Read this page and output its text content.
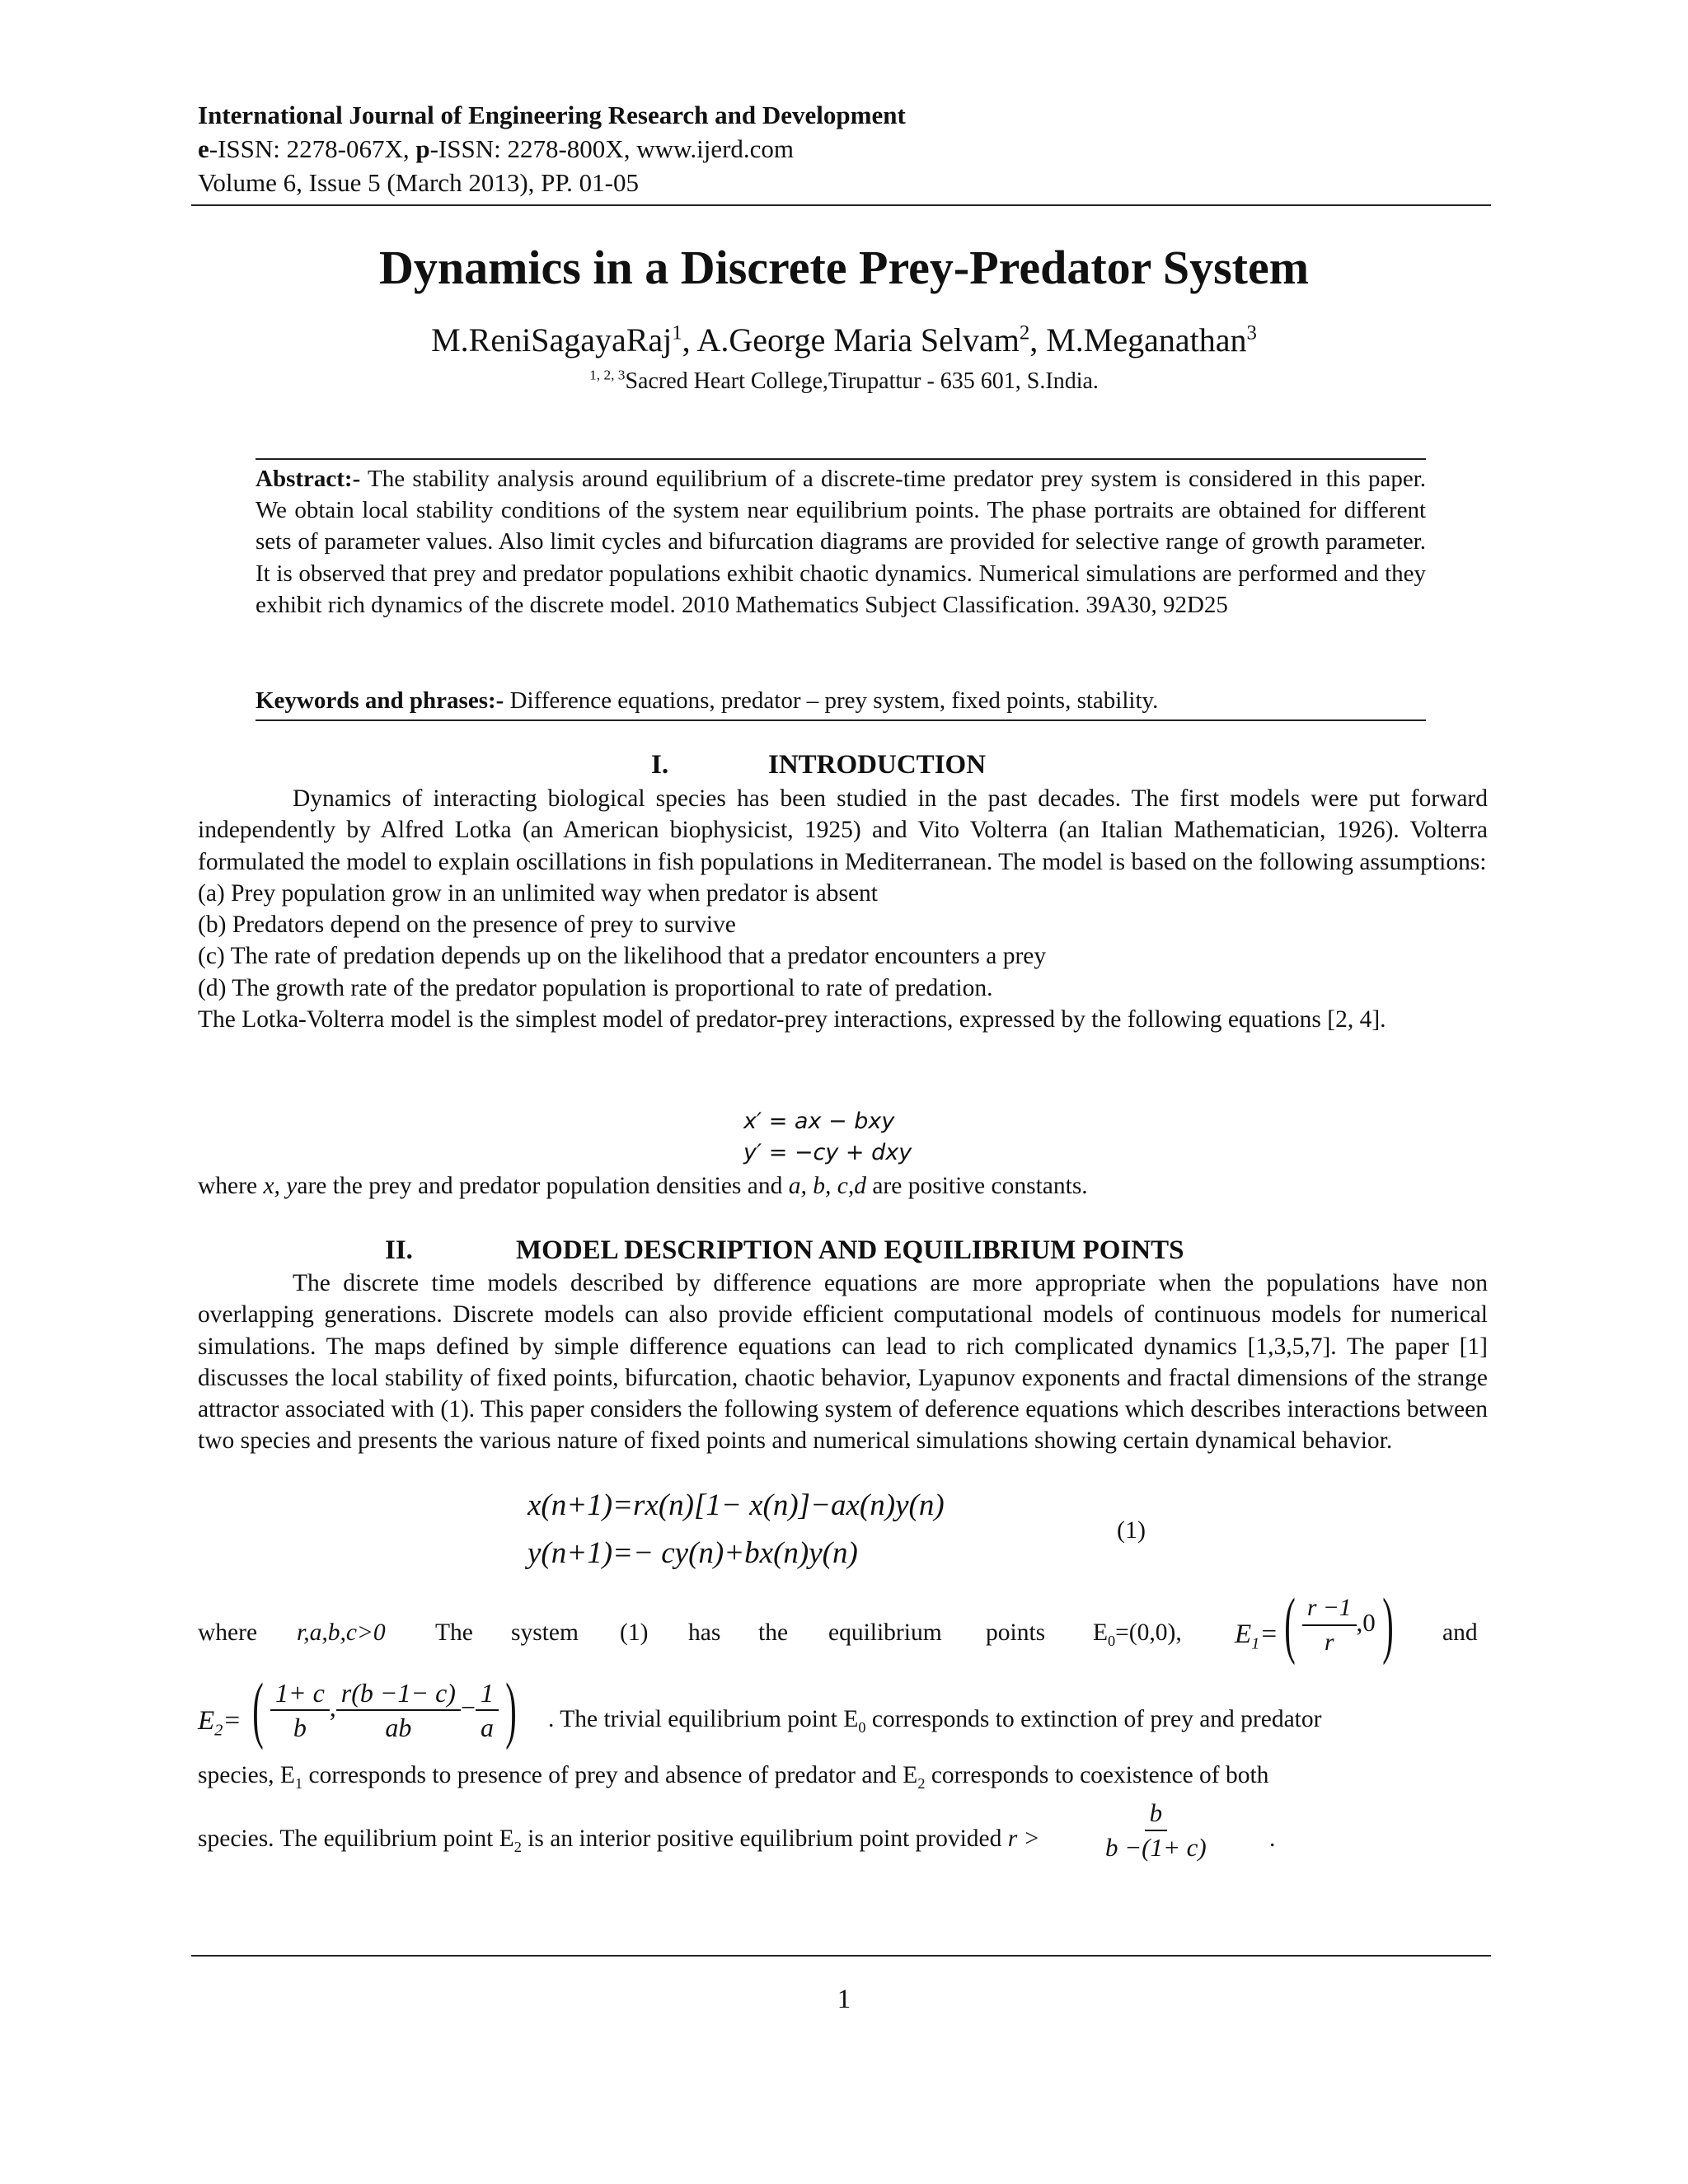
International Journal of Engineering Research and Development
e-ISSN: 2278-067X, p-ISSN: 2278-800X, www.ijerd.com
Volume 6, Issue 5 (March 2013), PP. 01-05
Dynamics in a Discrete Prey-Predator System
M.ReniSagayaRaj$^1$, A.George Maria Selvam$^2$, M.Meganathan$^3$
$^{1, 2, 3}$Sacred Heart College,Tirupattur - 635 601, S.India.
Abstract:- The stability analysis around equilibrium of a discrete-time predator prey system is considered in this paper. We obtain local stability conditions of the system near equilibrium points. The phase portraits are obtained for different sets of parameter values. Also limit cycles and bifurcation diagrams are provided for selective range of growth parameter. It is observed that prey and predator populations exhibit chaotic dynamics. Numerical simulations are performed and they exhibit rich dynamics of the discrete model. 2010 Mathematics Subject Classification. 39A30, 92D25
Keywords and phrases:- Difference equations, predator – prey system, fixed points, stability.
I.	INTRODUCTION

Dynamics of interacting biological species has been studied in the past decades. The first models were put forward independently by Alfred Lotka (an American biophysicist, 1925) and Vito Volterra (an Italian Mathematician, 1926). Volterra formulated the model to explain oscillations in fish populations in Mediterranean. The model is based on the following assumptions:

(a) Prey population grow in an unlimited way when predator is absent

(b) Predators depend on the presence of prey to survive

(c) The rate of predation depends up on the likelihood that a predator encounters a prey

(d) The growth rate of the predator population is proportional to rate of predation.

The Lotka-Volterra model is the simplest model of predator-prey interactions, expressed by the following equations [2, 4].

x′ = ax − bxy
y′ = −cy + dxy
where x, yare the prey and predator population densities and a, b, c,d are positive constants.
II.	MODEL DESCRIPTION AND EQUILIBRIUM POINTS

The discrete time models described by difference equations are more appropriate when the populations have non overlapping generations. Discrete models can also provide efficient computational models of continuous models for numerical simulations. The maps defined by simple difference equations can lead to rich complicated dynamics [1,3,5,7]. The paper [1] discusses the local stability of fixed points, bifurcation, chaotic behavior, Lyapunov exponents and fractal dimensions of the strange attractor associated with (1). This paper considers the following system of deference equations which describes interactions between two species and presents the various nature of fixed points and numerical simulations showing certain dynamical behavior.

x(n+1)=rx(n)[1− x(n)]−ax(n)y(n)
y(n+1)=− cy(n)+bx(n)y(n)
(1)
where r,a,b,c>0 The system (1) has the equilibrium points $E_0=(0,0)$, $E_1=$ ( $\frac{r -1}{r} ,0$) and
$E_2=$ ( $\frac{1+ c}{b}$ , $\frac{r(b -1- c)}{ab} - \frac{1}{a}$ ) . The trivial equilibrium point $E_0$ corresponds to extinction of prey and predator
species, $E_1$ corresponds to presence of prey and absence of predator and $E_2$ corresponds to coexistence of both
species. The equilibrium point $E_2$ is an interior positive equilibrium point provided $r > \frac{b}{b -(1+ c)}$ .
1
